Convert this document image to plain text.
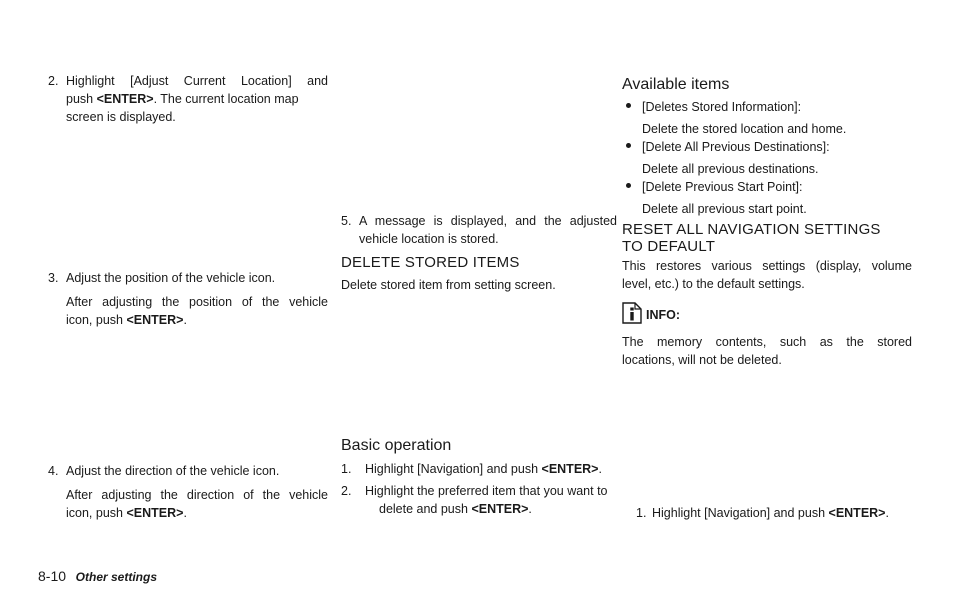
2. Highlight [Adjust Current Location] and

push <ENTER>. The current location map

screen is displayed.

3. Adjust the position of the vehicle icon.

After adjusting the position of the vehicle

icon, push <ENTER>.

4. Adjust the direction of the vehicle icon.

After adjusting the direction of the vehicle

icon, push <ENTER>.

5. A message is displayed, and the adjusted

vehicle location is stored.

DELETE STORED ITEMS

Delete stored item from setting screen.

Basic operation
1.	Highlight [Navigation] and push <ENTER>.
2. Highlight the preferred item that you want to

delete and push <ENTER>.

Available items

[Deletes Stored Information]:

Delete the stored location and home.

[Delete All Previous Destinations]:

Delete all previous destinations.

[Delete Previous Start Point]:

Delete all previous start point.

RESET ALL NAVIGATION SETTINGS

TO DEFAULT

This restores various settings (display, volume

level, etc.) to the default settings.

INFO:

The memory contents, such as the stored

locations, will not be deleted.

1. Highlight [Navigation] and push <ENTER>.
8-10 Other settings
